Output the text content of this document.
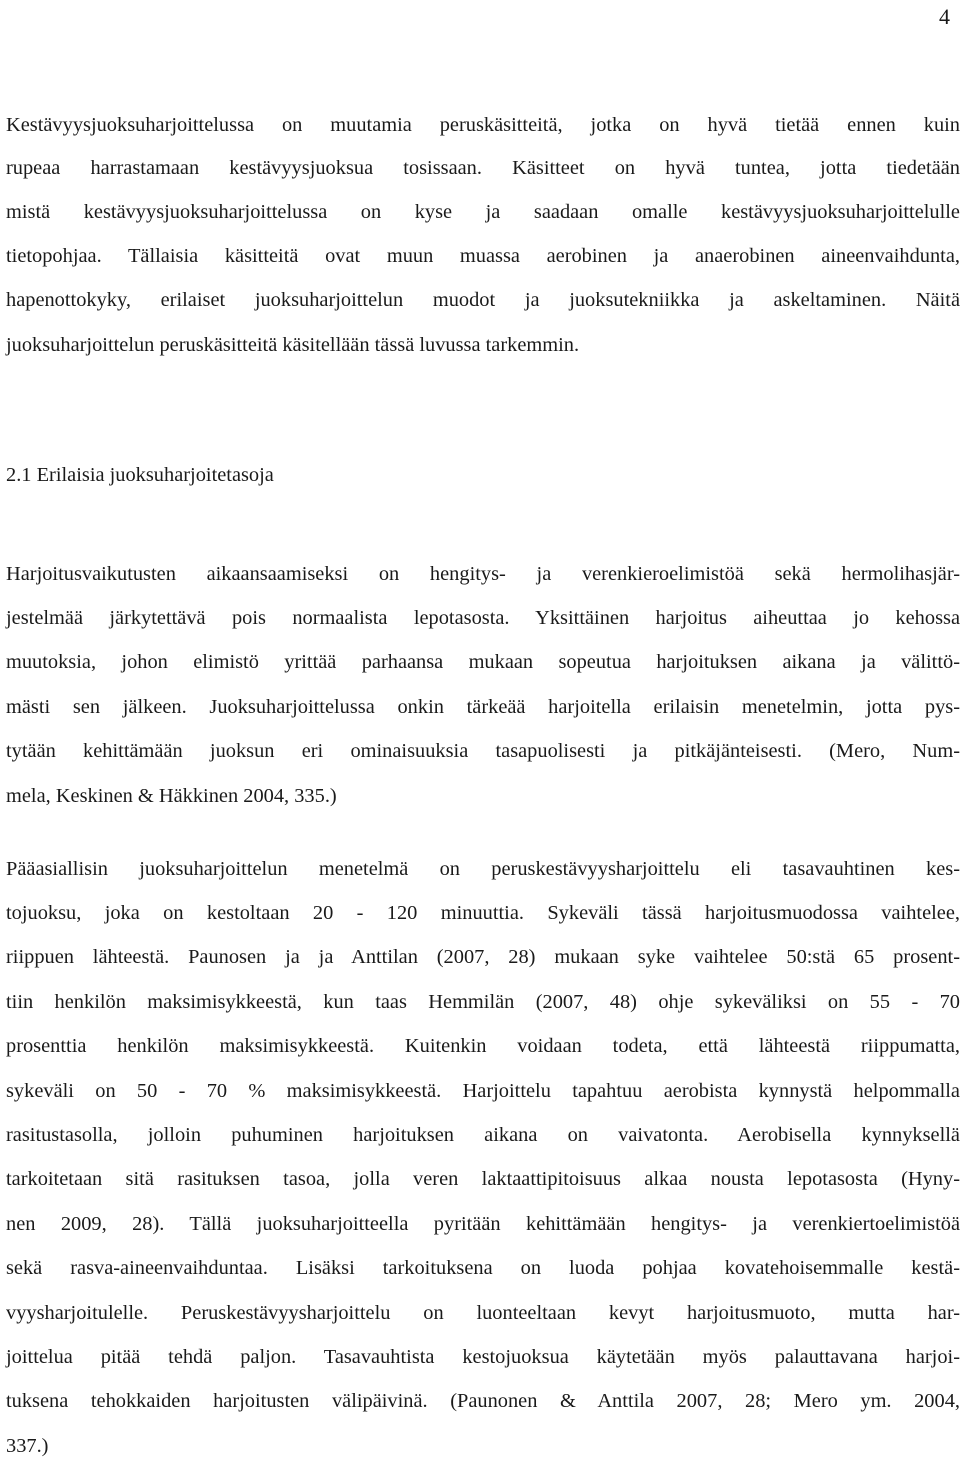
4
Kestävyysjuoksuharjoittelussa on muutamia peruskäsitteitä, jotka on hyvä tietää ennen kuin
rupeaa harrastamaan kestävyysjuoksua tosissaan. Käsitteet on hyvä tuntea, jotta tiedetään
mistä kestävyysjuoksuharjoittelussa on kyse ja saadaan omalle kestävyysjuoksuharjoittelulle
tietopohjaa. Tällaisia käsitteitä ovat muun muassa aerobinen ja anaerobinen aineenvaihdunta,
hapenottokyky, erilaiset juoksuharjoittelun muodot ja juoksutekniikka ja askeltaminen. Näitä
juoksuharjoittelun peruskäsitteitä käsitellään tässä luvussa tarkemmin.
2.1 Erilaisia juoksuharjoitetasoja
Harjoitusvaikutusten aikaansaamiseksi on hengitys- ja verenkieroelimistöä sekä hermolihasjär-
jestelmää järkytettävä pois normaalista lepotasosta. Yksittäinen harjoitus aiheuttaa jo kehossa
muutoksia, johon elimistö yrittää parhaansa mukaan sopeutua harjoituksen aikana ja välittö-
mästi sen jälkeen. Juoksuharjoittelussa onkin tärkeää harjoitella erilaisin menetelmin, jotta pys-
tytään kehittämään juoksun eri ominaisuuksia tasapuolisesti ja pitkäjänteisesti. (Mero, Num-
mela, Keskinen & Häkkinen 2004, 335.)
Pääasiallisin juoksuharjoittelun menetelmä on peruskestävyysharjoittelu eli tasavauhtinen kes-
tojuoksu, joka on kestoltaan 20 - 120 minuuttia. Sykeväli tässä harjoitusmuodossa vaihtelee,
riippuen lähteestä. Paunosen ja ja Anttilan (2007, 28) mukaan syke vaihtelee 50:stä 65 prosent-
tiin henkilön maksimisykkeestä, kun taas Hemmilän (2007, 48) ohje sykeväliksi on 55 - 70
prosenttia henkilön maksimisykkeestä. Kuitenkin voidaan todeta, että lähteestä riippumatta,
sykeväli on 50 - 70 % maksimisykkeestä. Harjoittelu tapahtuu aerobista kynnystä helpommalla
rasitustasolla, jolloin puhuminen harjoituksen aikana on vaivatonta. Aerobisella kynnyksellä
tarkoitetaan sitä rasituksen tasoa, jolla veren laktaattipitoisuus alkaa nousta lepotasosta (Hyny-
nen 2009, 28). Tällä juoksuharjoitteella pyritään kehittämään hengitys- ja verenkiertoelimistöä
sekä rasva-aineenvaihduntaa. Lisäksi tarkoituksena on luoda pohjaa kovatehoisemmalle kestä-
vyysharjoitulelle. Peruskestävyysharjoittelu on luonteeltaan kevyt harjoitusmuoto, mutta har-
joittelua pitää tehdä paljon. Tasavauhtista kestojuoksua käytetään myös palauttavana harjoi-
tuksena tehokkaiden harjoitusten välipäivinä. (Paunonen & Anttila 2007, 28; Mero ym. 2004,
337.)
